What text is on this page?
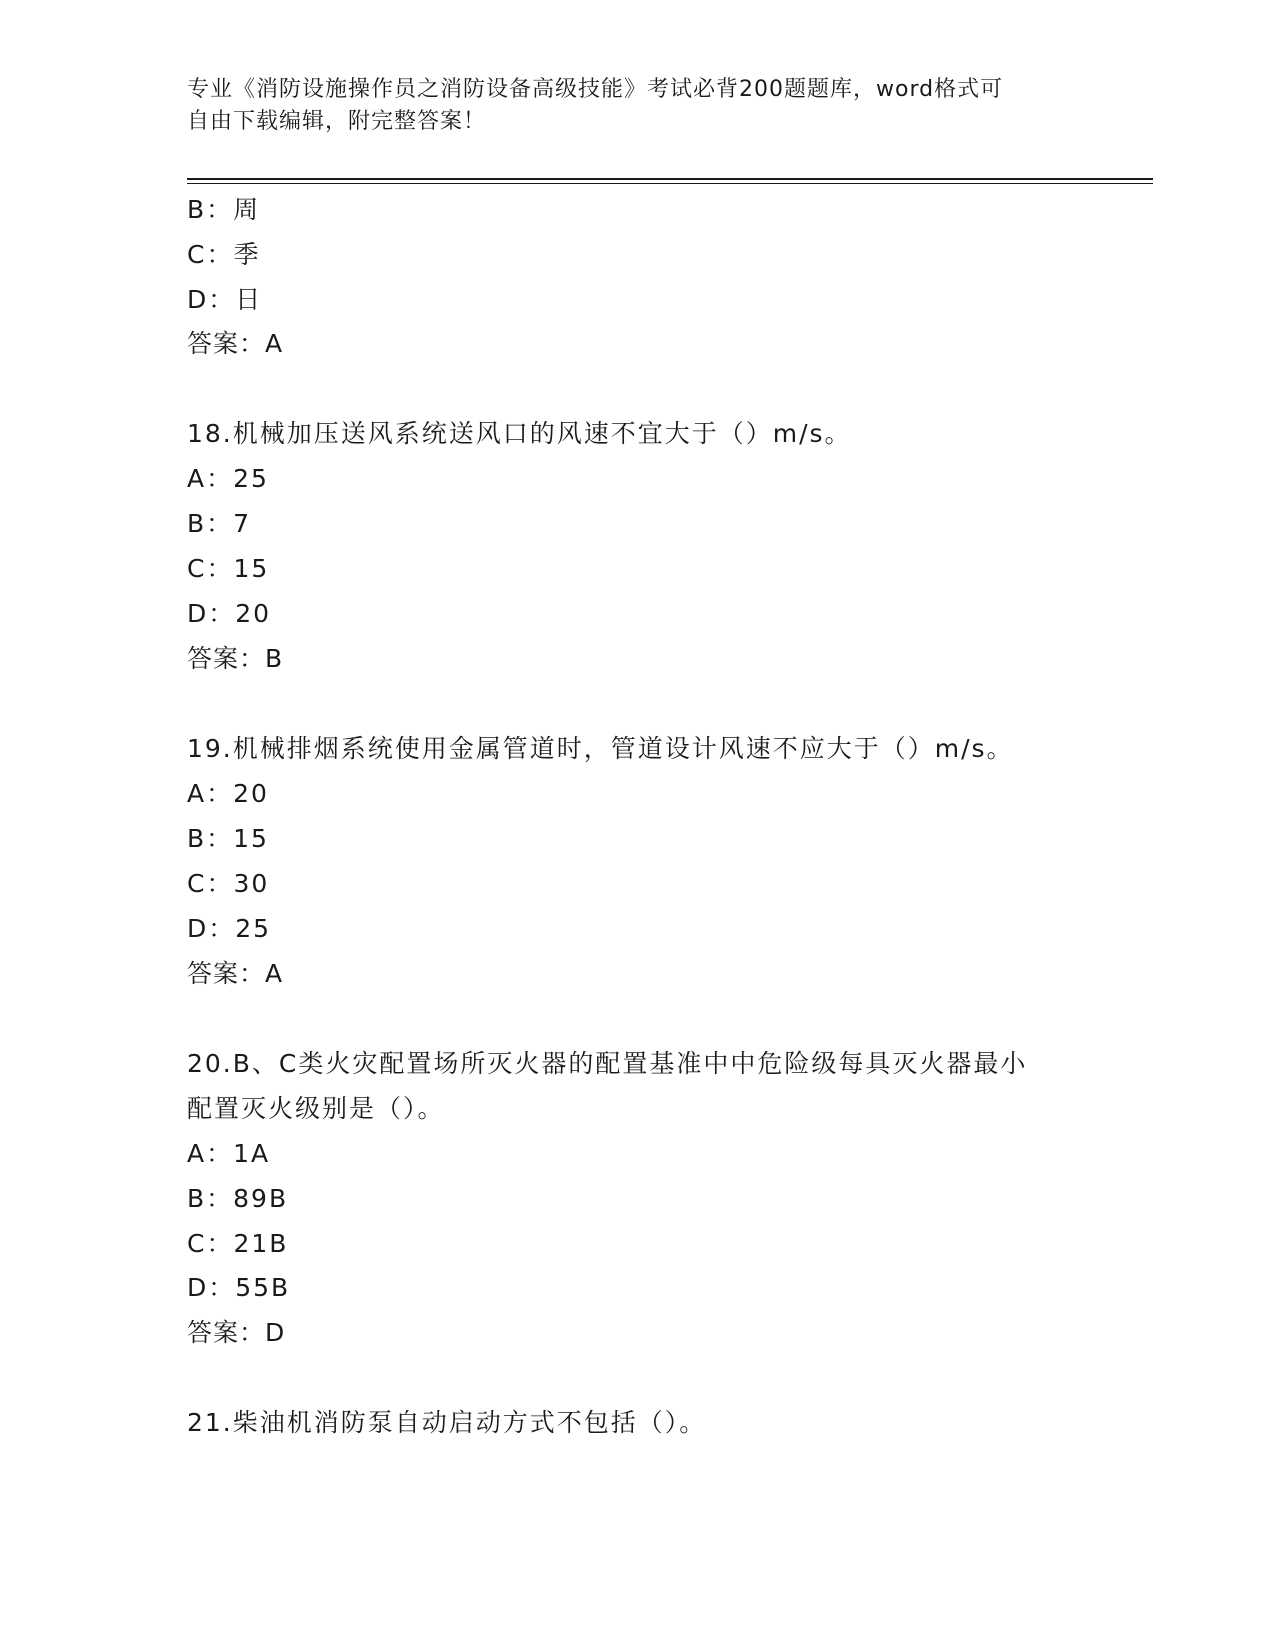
专业《消防设施操作员之消防设备高级技能》考试必背200题题库，word格式可
自由下载编辑，附完整答案！
B：周
C：季
D：日
答案：A
18.机械加压送风系统送风口的风速不宜大于（）m/s。
A：25
B：7
C：15
D：20
答案：B
19.机械排烟系统使用金属管道时，管道设计风速不应大于（）m/s。
A：20
B：15
C：30
D：25
答案：A
20.B、C类火灾配置场所灭火器的配置基准中中危险级每具灭火器最小
配置灭火级别是（）。
A：1A
B：89B
C：21B
D：55B
答案：D
21.柴油机消防泵自动启动方式不包括（）。
